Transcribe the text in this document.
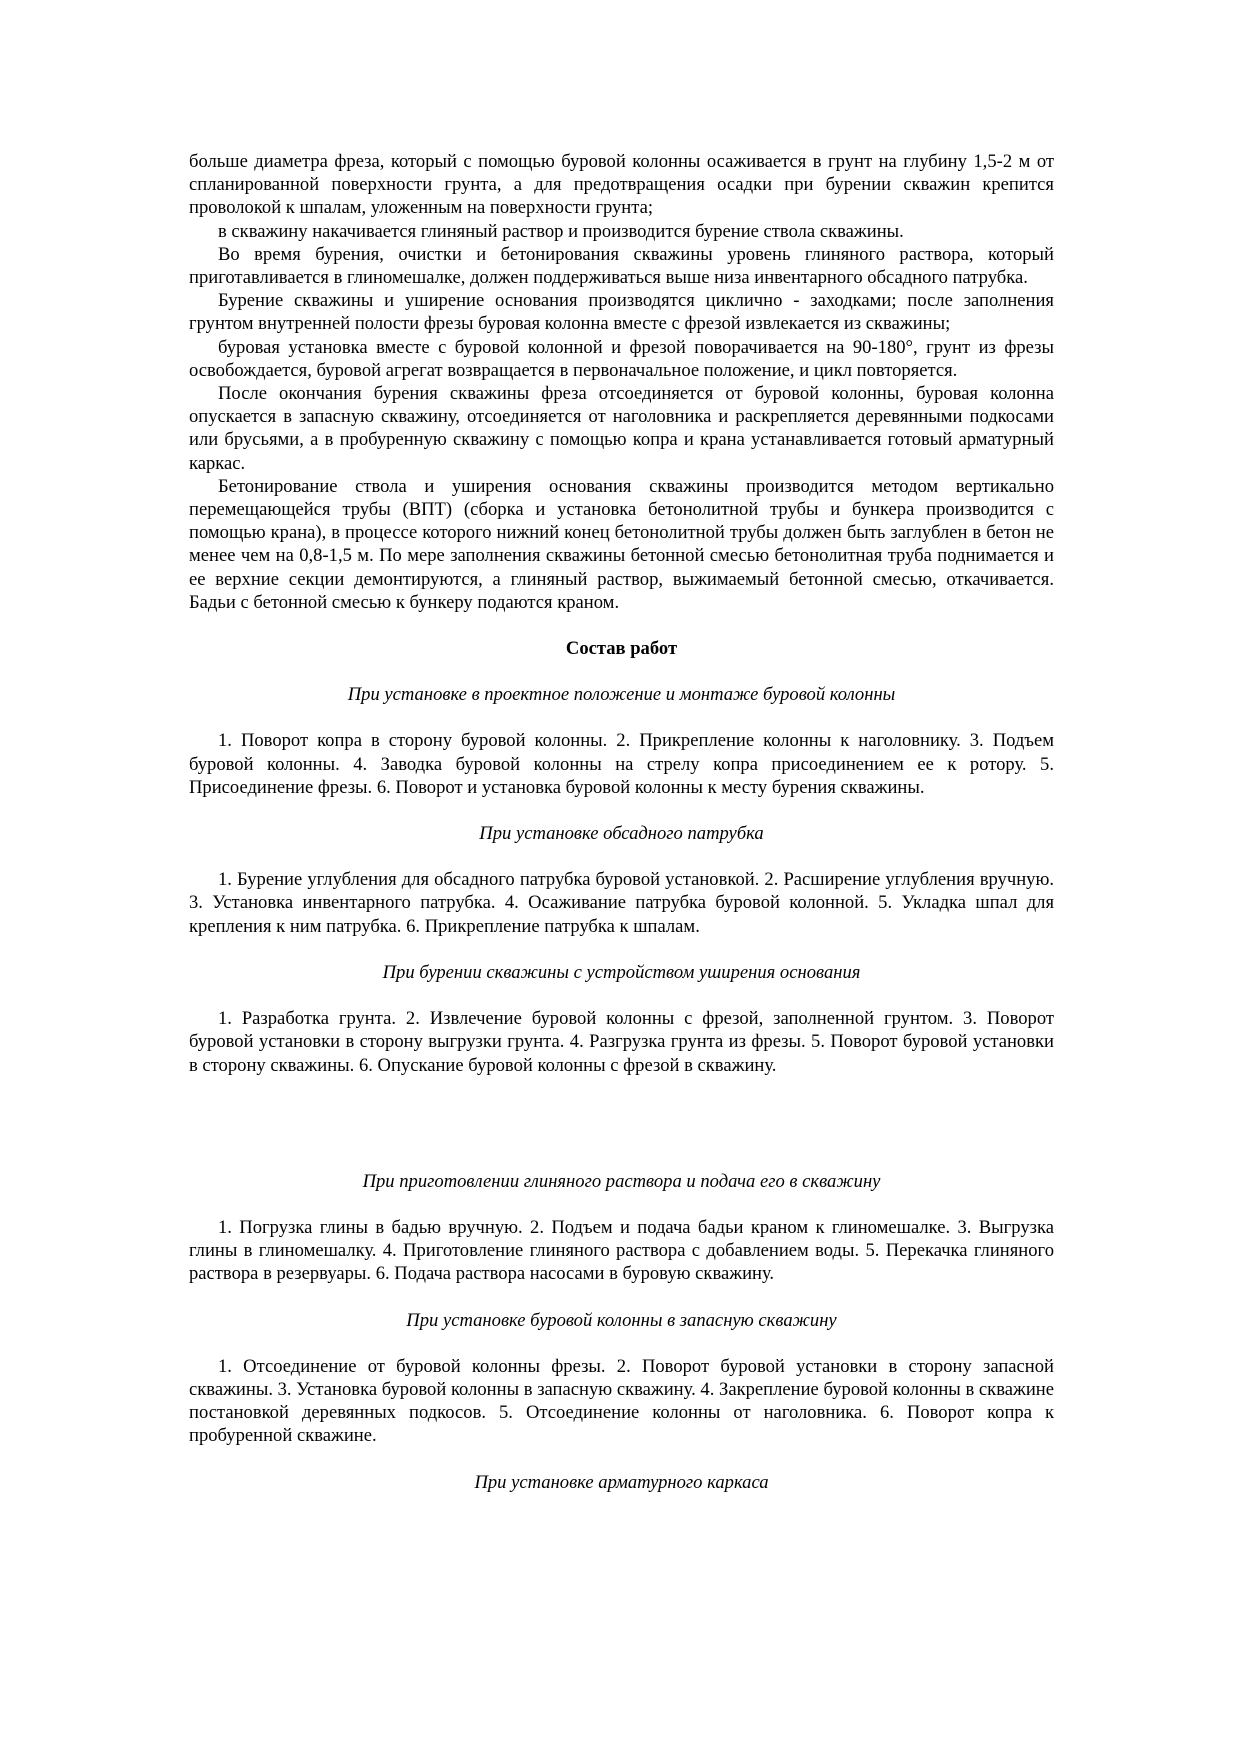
больше диаметра фреза, который с помощью буровой колонны осаживается в грунт на глубину 1,5-2 м от спланированной поверхности грунта, а для предотвращения осадки при бурении скважин крепится проволокой к шпалам, уложенным на поверхности грунта;

в скважину накачивается глиняный раствор и производится бурение ствола скважины.

Во время бурения, очистки и бетонирования скважины уровень глиняного раствора, который приготавливается в глиномешалке, должен поддерживаться выше низа инвентарного обсадного патрубка.

Бурение скважины и уширение основания производятся циклично - заходками; после заполнения грунтом внутренней полости фрезы буровая колонна вместе с фрезой извлекается из скважины;

буровая установка вместе с буровой колонной и фрезой поворачивается на 90-180°, грунт из фрезы освобождается, буровой агрегат возвращается в первоначальное положение, и цикл повторяется.

После окончания бурения скважины фреза отсоединяется от буровой колонны, буровая колонна опускается в запасную скважину, отсоединяется от наголовника и раскрепляется деревянными подкосами или брусьями, а в пробуренную скважину с помощью копра и крана устанавливается готовый арматурный каркас.

Бетонирование ствола и уширения основания скважины производится методом вертикально перемещающейся трубы (ВПТ) (сборка и установка бетонолитной трубы и бункера производится с помощью крана), в процессе которого нижний конец бетонолитной трубы должен быть заглублен в бетон не менее чем на 0,8-1,5 м. По мере заполнения скважины бетонной смесью бетонолитная труба поднимается и ее верхние секции демонтируются, а глиняный раствор, выжимаемый бетонной смесью, откачивается. Бадьи с бетонной смесью к бункеру подаются краном.

Состав работ

При установке в проектное положение и монтаже буровой колонны

1. Поворот копра в сторону буровой колонны. 2. Прикрепление колонны к наголовнику. 3. Подъем буровой колонны. 4. Заводка буровой колонны на стрелу копра присоединением ее к ротору. 5. Присоединение фрезы. 6. Поворот и установка буровой колонны к месту бурения скважины.

При установке обсадного патрубка

1. Бурение углубления для обсадного патрубка буровой установкой. 2. Расширение углубления вручную. 3. Установка инвентарного патрубка. 4. Осаживание патрубка буровой колонной. 5. Укладка шпал для крепления к ним патрубка. 6. Прикрепление патрубка к шпалам.

При бурении скважины с устройством уширения основания

1. Разработка грунта. 2. Извлечение буровой колонны с фрезой, заполненной грунтом. 3. Поворот буровой установки в сторону выгрузки грунта. 4. Разгрузка грунта из фрезы. 5. Поворот буровой установки в сторону скважины. 6. Опускание буровой колонны с фрезой в скважину.

При приготовлении глиняного раствора и подача его в скважину

1. Погрузка глины в бадью вручную. 2. Подъем и подача бадьи краном к глиномешалке. 3. Выгрузка глины в глиномешалку. 4. Приготовление глиняного раствора с добавлением воды. 5. Перекачка глиняного раствора в резервуары. 6. Подача раствора насосами в буровую скважину.

При установке буровой колонны в запасную скважину

1. Отсоединение от буровой колонны фрезы. 2. Поворот буровой установки в сторону запасной скважины. 3. Установка буровой колонны в запасную скважину. 4. Закрепление буровой колонны в скважине постановкой деревянных подкосов. 5. Отсоединение колонны от наголовника. 6. Поворот копра к пробуренной скважине.

При установке арматурного каркаса
